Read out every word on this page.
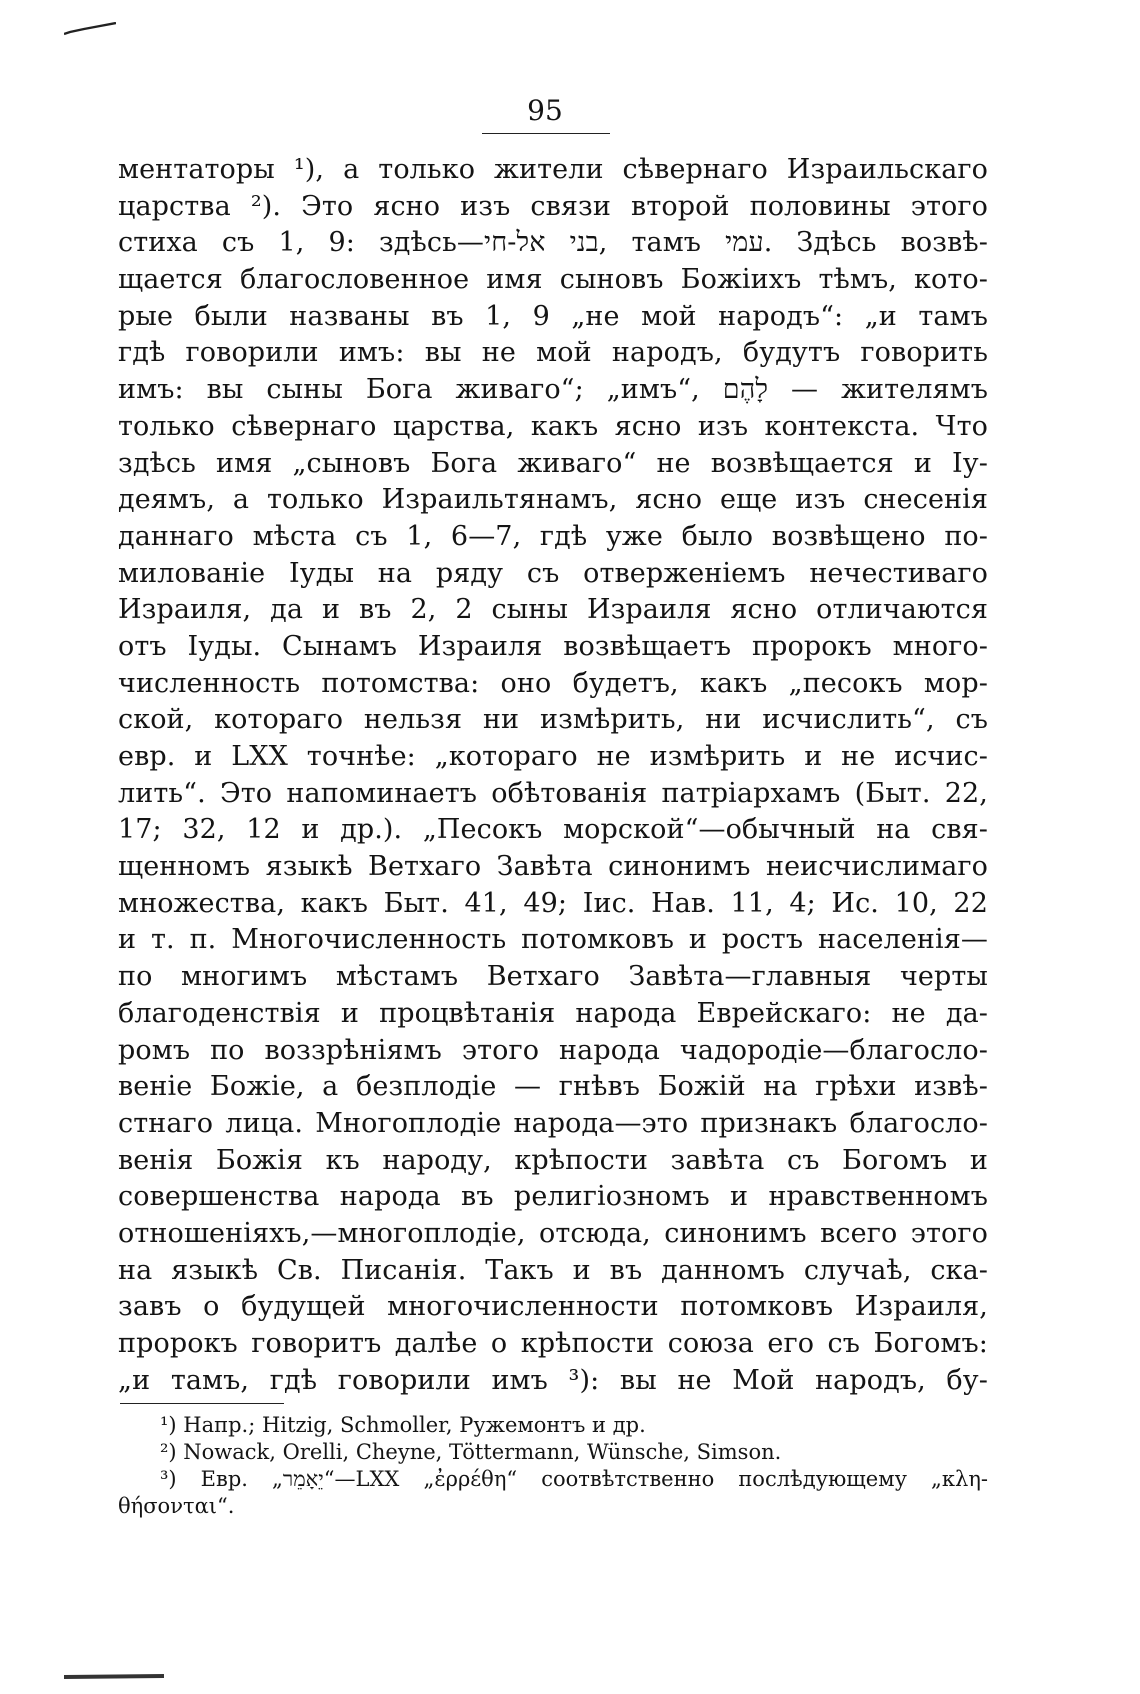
95
ментаторы ¹), а только жители сѣвернаго Израильскаго
царства ²). Это ясно изъ связи второй половины этого
стиха съ 1, 9: здѣсь—בני אל-חי, тамъ עמי. Здѣсь возвѣ-
щается благословенное имя сыновъ Божіихъ тѣмъ, кото-
рые были названы въ 1, 9 „не мой народъ“: „и тамъ
гдѣ говорили имъ: вы не мой народъ, будутъ говорить
имъ: вы сыны Бога живаго“; „имъ“, לָהֶם — жителямъ
только сѣвернаго царства, какъ ясно изъ контекста. Что
здѣсь имя „сыновъ Бога живаго“ не возвѣщается и Іу-
деямъ, а только Израильтянамъ, ясно еще изъ снесенія
даннаго мѣста съ 1, 6—7, гдѣ уже было возвѣщено по-
милованіе Іуды на ряду съ отверженіемъ нечестиваго
Израиля, да и въ 2, 2 сыны Израиля ясно отличаются
отъ Іуды. Сынамъ Израиля возвѣщаетъ пророкъ много-
численность потомства: оно будетъ, какъ „песокъ мор-
ской, котораго нельзя ни измѣрить, ни исчислить“, съ
евр. и LXX точнѣе: „котораго не измѣрить и не исчис-
лить“. Это напоминаетъ обѣтованія патріархамъ (Быт. 22,
17; 32, 12 и др.). „Песокъ морской“—обычный на свя-
щенномъ языкѣ Ветхаго Завѣта синонимъ неисчислимаго
множества, какъ Быт. 41, 49; Іис. Нав. 11, 4; Ис. 10, 22
и т. п. Многочисленность потомковъ и ростъ населенія—
по многимъ мѣстамъ Ветхаго Завѣта—главныя черты
благоденствія и процвѣтанія народа Еврейскаго: не да-
ромъ по воззрѣніямъ этого народа чадородіе—благосло-
веніе Божіе, а безплодіе — гнѣвъ Божій на грѣхи извѣ-
стнаго лица. Многоплодіе народа—это признакъ благосло-
венія Божія къ народу, крѣпости завѣта съ Богомъ и
совершенства народа въ религіозномъ и нравственномъ
отношеніяхъ,—многоплодіе, отсюда, синонимъ всего этого
на языкѣ Св. Писанія. Такъ и въ данномъ случаѣ, ска-
завъ о будущей многочисленности потомковъ Израиля,
пророкъ говоритъ далѣе о крѣпости союза его съ Богомъ:
„и тамъ, гдѣ говорили имъ ³): вы не Мой народъ, бу-
¹) Напр.; Hitzig, Schmoller, Ружемонтъ и др.
²) Nowack, Orelli, Cheyne, Töttermann, Wünsche, Simson.
³) Евр. „יֵאָמֵר“—LXX „ἐρρέθη“ соотвѣтственно послѣдующему „κλη-
θήσονται“.
